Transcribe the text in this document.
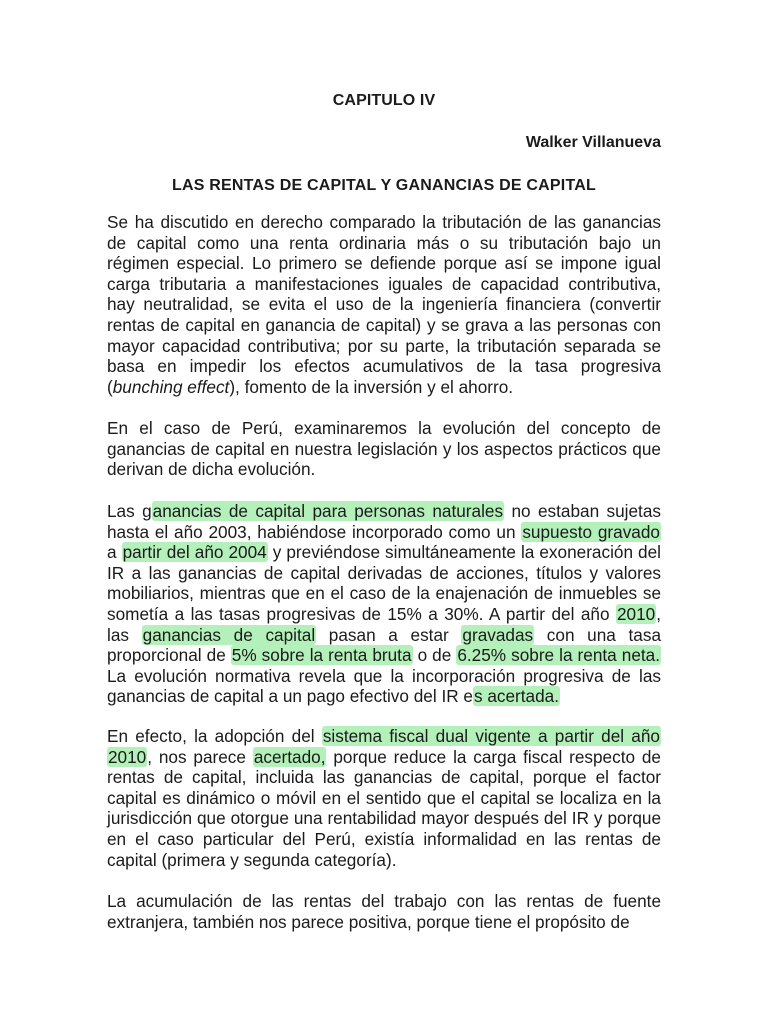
CAPITULO IV
Walker Villanueva
LAS RENTAS DE CAPITAL Y GANANCIAS DE CAPITAL

Se ha discutido en derecho comparado la tributación de las ganancias de capital como una renta ordinaria más o su tributación bajo un régimen especial. Lo primero se defiende porque así se impone igual carga tributaria a manifestaciones iguales de capacidad contributiva, hay neutralidad, se evita el uso de la ingeniería financiera (convertir rentas de capital en ganancia de capital) y se grava a las personas con mayor capacidad contributiva; por su parte, la tributación separada se basa en impedir los efectos acumulativos de la tasa progresiva (bunching effect), fomento de la inversión y el ahorro.

En el caso de Perú, examinaremos la evolución del concepto de ganancias de capital en nuestra legislación y los aspectos prácticos que derivan de dicha evolución.

Las ganancias de capital para personas naturales no estaban sujetas hasta el año 2003, habiéndose incorporado como un supuesto gravado a partir del año 2004 y previéndose simultáneamente la exoneración del IR a las ganancias de capital derivadas de acciones, títulos y valores mobiliarios, mientras que en el caso de la enajenación de inmuebles se sometía a las tasas progresivas de 15% a 30%. A partir del año 2010, las ganancias de capital pasan a estar gravadas con una tasa proporcional de 5% sobre la renta bruta o de 6.25% sobre la renta neta. La evolución normativa revela que la incorporación progresiva de las ganancias de capital a un pago efectivo del IR es acertada.

En efecto, la adopción del sistema fiscal dual vigente a partir del año 2010, nos parece acertado, porque reduce la carga fiscal respecto de rentas de capital, incluida las ganancias de capital, porque el factor capital es dinámico o móvil en el sentido que el capital se localiza en la jurisdicción que otorgue una rentabilidad mayor después del IR y porque en el caso particular del Perú, existía informalidad en las rentas de capital (primera y segunda categoría).

La acumulación de las rentas del trabajo con las rentas de fuente extranjera, también nos parece positiva, porque tiene el propósito de
